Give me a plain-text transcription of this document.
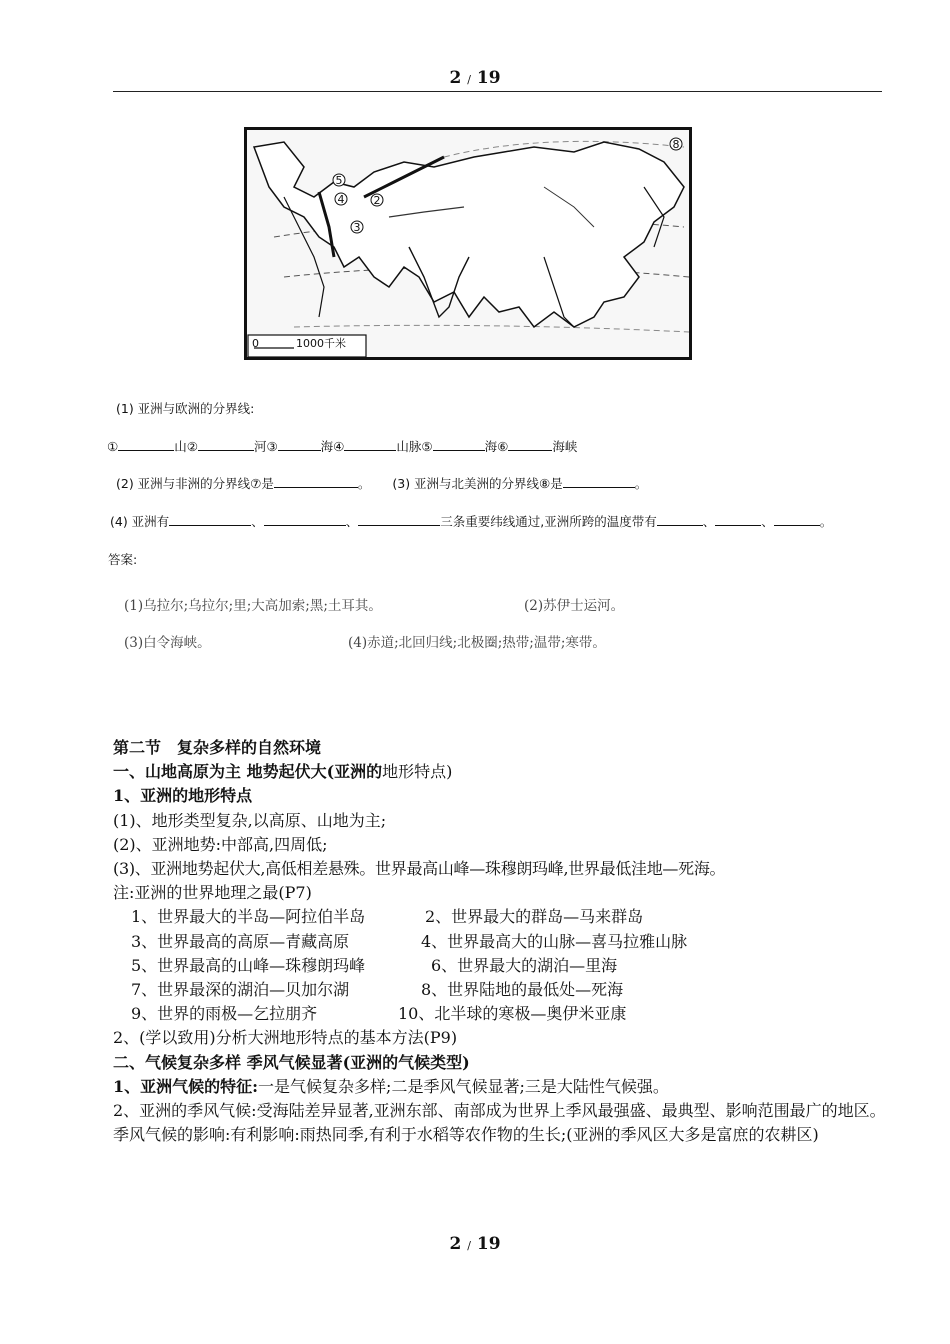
2 / 19
2
4
3
5
8
0	1000千米
(1) 亚洲与欧洲的分界线:
①	山②	河③	海④	山脉⑤	海⑥	海峡
(2) 亚洲与非洲的分界线⑦是	。 (3) 亚洲与北美洲的分界线⑧是	。
(4) 亚洲有	、	、	三条重要纬线通过,亚洲所跨的温度带有	、	、	。
答案:
(1)乌拉尔;乌拉尔;里;大高加索;黑;土耳其。	(2)苏伊士运河。
(3)白令海峡。	(4)赤道;北回归线;北极圈;热带;温带;寒带。

第二节　复杂多样的自然环境

一、山地高原为主 地势起伏大(亚洲的地形特点)

1、亚洲的地形特点

(1)、地形类型复杂,以高原、山地为主;

(2)、亚洲地势:中部高,四周低;

(3)、亚洲地势起伏大,高低相差悬殊。世界最高山峰—珠穆朗玛峰,世界最低洼地—死海。

注:亚洲的世界地理之最(P7)

1、世界最大的半岛—阿拉伯半岛	2、世界最大的群岛—马来群岛

3、世界最高的高原—青藏高原	4、世界最高大的山脉—喜马拉雅山脉

5、世界最高的山峰—珠穆朗玛峰	6、世界最大的湖泊—里海

7、世界最深的湖泊—贝加尔湖	8、世界陆地的最低处—死海

9、世界的雨极—乞拉朋齐	10、北半球的寒极—奥伊米亚康

2、(学以致用)分析大洲地形特点的基本方法(P9)

二、气候复杂多样 季风气候显著(亚洲的气候类型)

1、亚洲气候的特征:一是气候复杂多样;二是季风气候显著;三是大陆性气候强。

2、亚洲的季风气候:受海陆差异显著,亚洲东部、南部成为世界上季风最强盛、最典型、影响范围最广的地区。

季风气候的影响:有利影响:雨热同季,有利于水稻等农作物的生长;(亚洲的季风区大多是富庶的农耕区)

2 / 19
